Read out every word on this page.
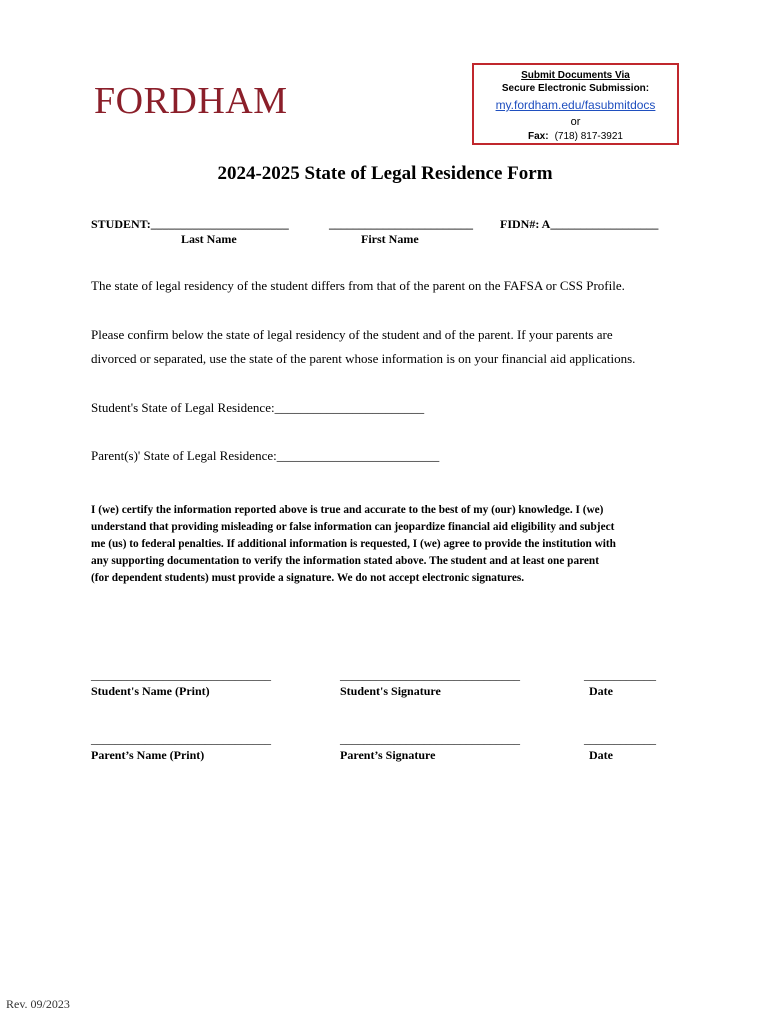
FORDHAM
Submit Documents Via
Secure Electronic Submission:
my.fordham.edu/fasubmitdocs
or
Fax: (718) 817-3921
2024-2025 State of Legal Residence Form
STUDENT:_______________________	________________________ FIDN#: A__________________
Last Name	First Name
The state of legal residency of the student differs from that of the parent on the FAFSA or CSS Profile.
Please confirm below the state of legal residency of the student and of the parent. If your parents are
divorced or separated, use the state of the parent whose information is on your financial aid applications.
Student's State of Legal Residence:_______________________
Parent(s)' State of Legal Residence:_________________________
I (we) certify the information reported above is true and accurate to the best of my (our) knowledge. I (we)
understand that providing misleading or false information can jeopardize financial aid eligibility and subject
me (us) to federal penalties. If additional information is requested, I (we) agree to provide the institution with
any supporting documentation to verify the information stated above. The student and at least one parent
(for dependent students) must provide a signature. We do not accept electronic signatures.
______________________________	______________________________	____________
Student's Name (Print)	Student's Signature	Date
______________________________	______________________________	____________
Parent’s Name (Print)	Parent’s Signature	Date
Rev. 09/2023
